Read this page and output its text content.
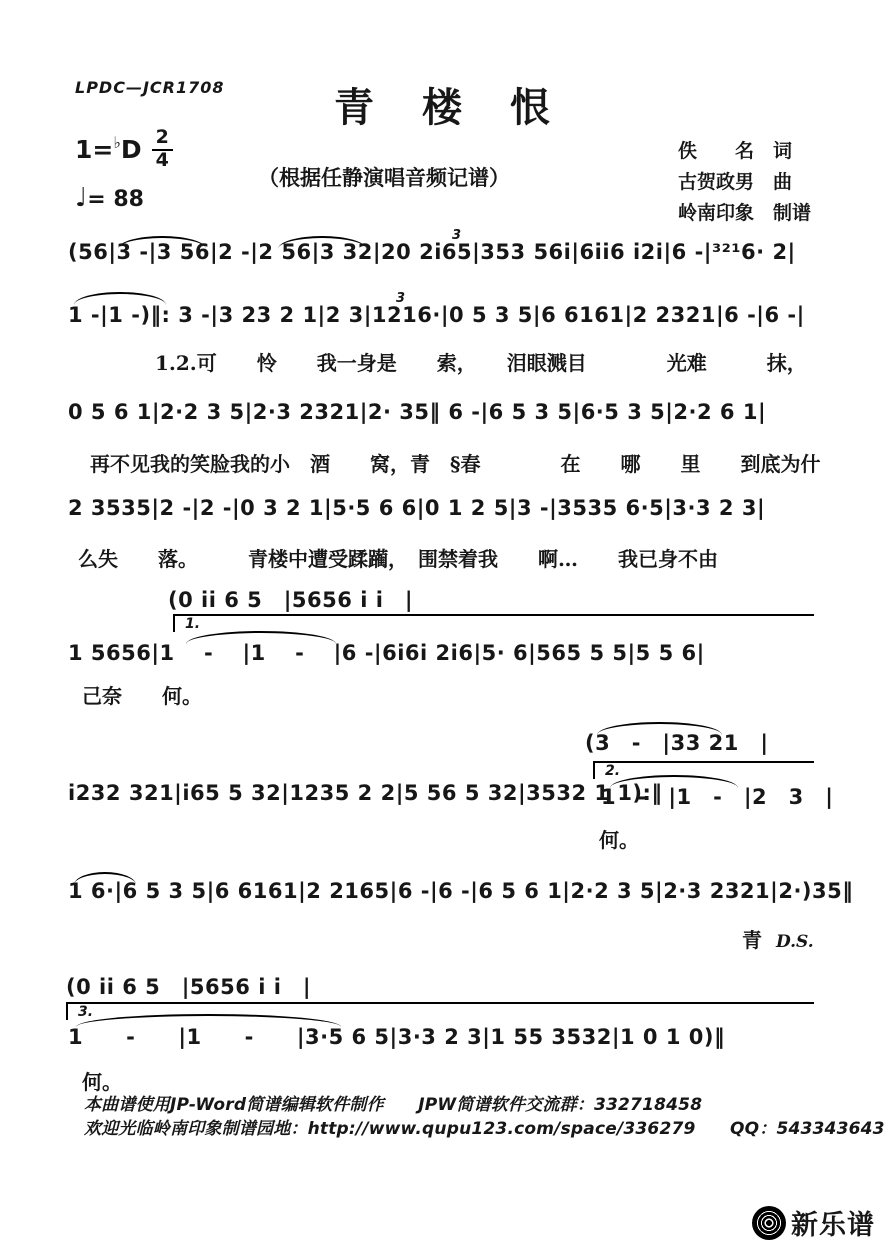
LPDC—JCR1708	青　楼　恨
1= ♭ D 2
4
（根据任静演唱音频记谱）
♩= 88
佚　　名　词
古贺政男　曲
岭南印象　制谱
3
(56|3 -|3 56|2 -|2 56|3 32|20 2i65|353 56i|6ii6 i2i|6 -|³²¹6· 2|
3
1 -|1 -)‖: 3 -|3 23 2 1|2 3|1216·|0 5 3 5|6 6161|2 2321|6 -|6 -|
1.2.可　　怜　　我一身是　　索，　　泪眼溅目　　　　光难　　　抹，
0 5 6 1|2·2 3 5|2·3 2321|2· 35‖ 6 -|6 5 3 5|6·5 3 5|2·2 6 1|
再不见我的笑脸我的小　酒　　窝，青　§春　　　　在　　哪　　里　　到底为什
2 3535|2 -|2 -|0 3 2 1|5·5 6 6|0 1 2 5|3 -|3535 6·5|3·3 2 3|
么失　　落。　　　青楼中遭受蹂躏，　围禁着我　　啊…　　我已身不由
(0 ii 6 5　|5656 i i　|
1.
1 5656|1　 -　 |1　 -　 |6 -|6i6i 2i6|5· 6|565 5 5|5 5 6|
己奈　　何。
(3　-　|33 21　|
2.
i232 321|i65 5 32|1235 2 2|5 56 5 32|3532 1 1):‖
1　-　|1　-　|2　3　|
何。
1 6·|6 5 3 5|6 6161|2 2165|6 -|6 -|6 5 6 1|2·2 3 5|2·3 2321|2·)35‖
青 D.S.
(0 ii 6 5　|5656 i i　|
3.
1　　-　　|1　　-　　|3·5 6 5|3·3 2 3|1 55 3532|1 0 1 0)‖
何。
本曲谱使用JP-Word简谱编辑软件制作　　JPW简谱软件交流群：332718458
欢迎光临岭南印象制谱园地：http://www.qupu123.com/space/336279　　QQ：543343643
新乐谱
